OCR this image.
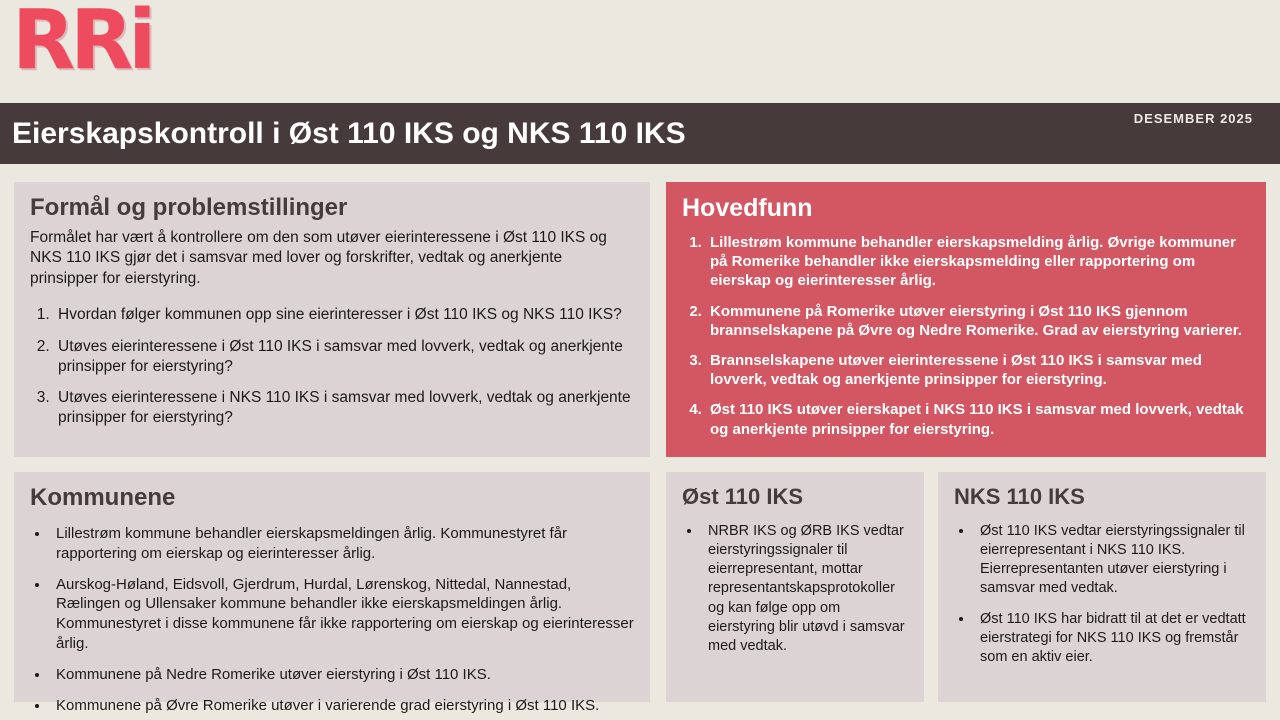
RRi
Eierskapskontroll i Øst 110 IKS og NKS 110 IKS	DESEMBER 2025
Formål og problemstillinger

Formålet har vært å kontrollere om den som utøver eierinteressene i Øst 110 IKS og NKS 110 IKS gjør det i samsvar med lover og forskrifter, vedtak og anerkjente prinsipper for eierstyring.

1. Hvordan følger kommunen opp sine eierinteresser i Øst 110 IKS og NKS 110 IKS?
2. Utøves eierinteressene i Øst 110 IKS i samsvar med lovverk, vedtak og anerkjente prinsipper for eierstyring?
3. Utøves eierinteressene i NKS 110 IKS i samsvar med lovverk, vedtak og anerkjente prinsipper for eierstyring?
Hovedfunn
1. Lillestrøm kommune behandler eierskapsmelding årlig. Øvrige kommuner på Romerike behandler ikke eierskapsmelding eller rapportering om eierskap og eierinteresser årlig.
2. Kommunene på Romerike utøver eierstyring i Øst 110 IKS gjennom brannselskapene på Øvre og Nedre Romerike. Grad av eierstyring varierer.
3. Brannselskapene utøver eierinteressene i Øst 110 IKS i samsvar med lovverk, vedtak og anerkjente prinsipper for eierstyring.
4. Øst 110 IKS utøver eierskapet i NKS 110 IKS i samsvar med lovverk, vedtak og anerkjente prinsipper for eierstyring.
Kommunene
• Lillestrøm kommune behandler eierskapsmeldingen årlig. Kommunestyret får rapportering om eierskap og eierinteresser årlig.
• Aurskog-Høland, Eidsvoll, Gjerdrum, Hurdal, Lørenskog, Nittedal, Nannestad, Rælingen og Ullensaker kommune behandler ikke eierskapsmeldingen årlig. Kommunestyret i disse kommunene får ikke rapportering om eierskap og eierinteresser årlig.
• Kommunene på Nedre Romerike utøver eierstyring i Øst 110 IKS.
• Kommunene på Øvre Romerike utøver i varierende grad eierstyring i Øst 110 IKS.
Øst 110 IKS
• NRBR IKS og ØRB IKS vedtar eierstyringssignaler til eierrepresentant, mottar representantskapsprotokoller og kan følge opp om eierstyring blir utøvd i samsvar med vedtak.
NKS 110 IKS
• Øst 110 IKS vedtar eierstyringssignaler til eierrepresentant i NKS 110 IKS. Eierrepresentanten utøver eierstyring i samsvar med vedtak.
• Øst 110 IKS har bidratt til at det er vedtatt eierstrategi for NKS 110 IKS og fremstår som en aktiv eier.
